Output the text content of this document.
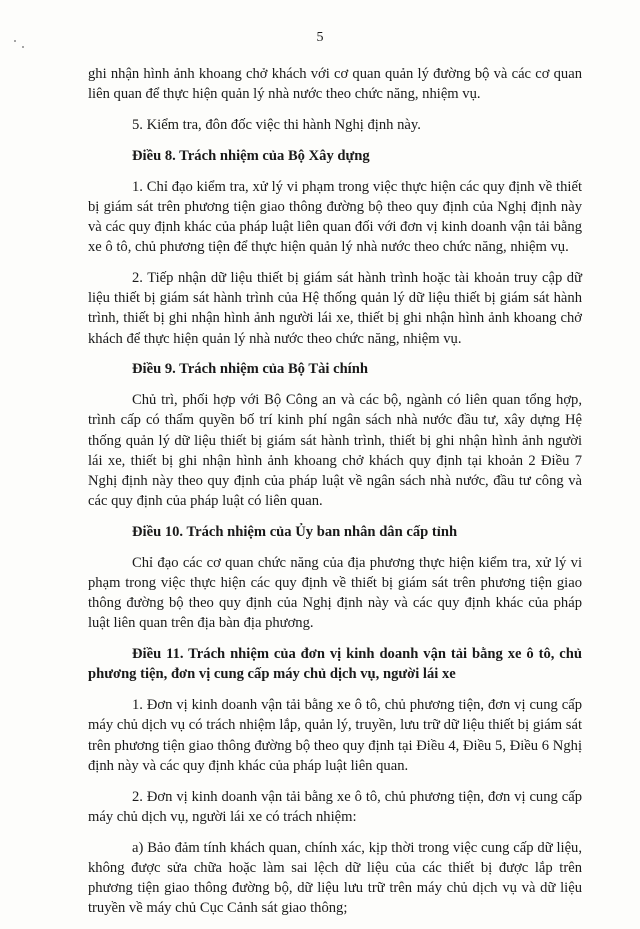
5

ghi nhận hình ảnh khoang chở khách với cơ quan quản lý đường bộ và các cơ quan liên quan để thực hiện quản lý nhà nước theo chức năng, nhiệm vụ.

5. Kiểm tra, đôn đốc việc thi hành Nghị định này.

Điều 8. Trách nhiệm của Bộ Xây dựng

1. Chỉ đạo kiểm tra, xử lý vi phạm trong việc thực hiện các quy định về thiết bị giám sát trên phương tiện giao thông đường bộ theo quy định của Nghị định này và các quy định khác của pháp luật liên quan đối với đơn vị kinh doanh vận tải bằng xe ô tô, chủ phương tiện để thực hiện quản lý nhà nước theo chức năng, nhiệm vụ.

2. Tiếp nhận dữ liệu thiết bị giám sát hành trình hoặc tài khoản truy cập dữ liệu thiết bị giám sát hành trình của Hệ thống quản lý dữ liệu thiết bị giám sát hành trình, thiết bị ghi nhận hình ảnh người lái xe, thiết bị ghi nhận hình ảnh khoang chở khách để thực hiện quản lý nhà nước theo chức năng, nhiệm vụ.

Điều 9. Trách nhiệm của Bộ Tài chính

Chủ trì, phối hợp với Bộ Công an và các bộ, ngành có liên quan tổng hợp, trình cấp có thẩm quyền bố trí kinh phí ngân sách nhà nước đầu tư, xây dựng Hệ thống quản lý dữ liệu thiết bị giám sát hành trình, thiết bị ghi nhận hình ảnh người lái xe, thiết bị ghi nhận hình ảnh khoang chở khách quy định tại khoản 2 Điều 7 Nghị định này theo quy định của pháp luật về ngân sách nhà nước, đầu tư công và các quy định của pháp luật có liên quan.

Điều 10. Trách nhiệm của Ủy ban nhân dân cấp tỉnh

Chỉ đạo các cơ quan chức năng của địa phương thực hiện kiểm tra, xử lý vi phạm trong việc thực hiện các quy định về thiết bị giám sát trên phương tiện giao thông đường bộ theo quy định của Nghị định này và các quy định khác của pháp luật liên quan trên địa bàn địa phương.

Điều 11. Trách nhiệm của đơn vị kinh doanh vận tải bằng xe ô tô, chủ phương tiện, đơn vị cung cấp máy chủ dịch vụ, người lái xe

1. Đơn vị kinh doanh vận tải bằng xe ô tô, chủ phương tiện, đơn vị cung cấp máy chủ dịch vụ có trách nhiệm lắp, quản lý, truyền, lưu trữ dữ liệu thiết bị giám sát trên phương tiện giao thông đường bộ theo quy định tại Điều 4, Điều 5, Điều 6 Nghị định này và các quy định khác của pháp luật liên quan.

2. Đơn vị kinh doanh vận tải bằng xe ô tô, chủ phương tiện, đơn vị cung cấp máy chủ dịch vụ, người lái xe có trách nhiệm:

a) Bảo đảm tính khách quan, chính xác, kịp thời trong việc cung cấp dữ liệu, không được sửa chữa hoặc làm sai lệch dữ liệu của các thiết bị được lắp trên phương tiện giao thông đường bộ, dữ liệu lưu trữ trên máy chủ dịch vụ và dữ liệu truyền về máy chủ Cục Cảnh sát giao thông;
